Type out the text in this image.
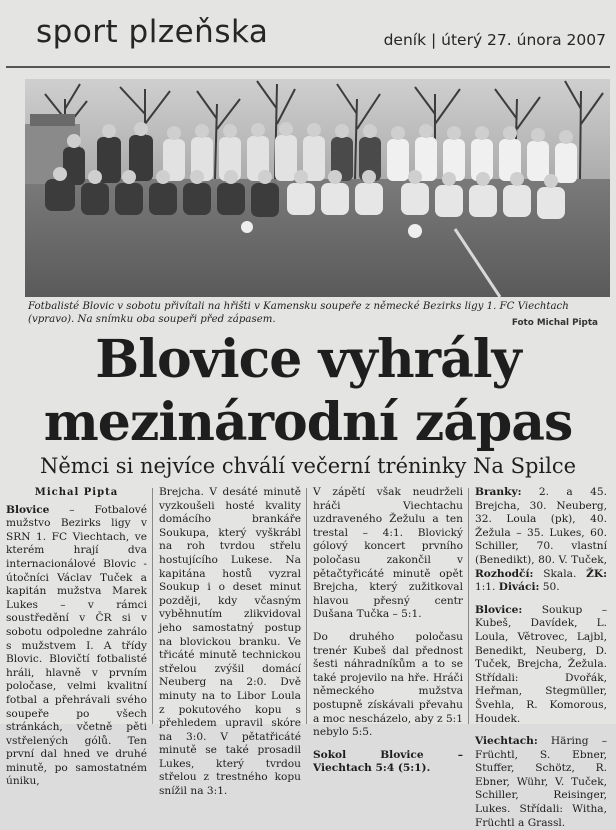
sport plzeňska	deník | úterý 27. února 2007
Fotbalisté Blovic v sobotu přivítali na hřišti v Kamensku soupeře z německé Bezirks ligy 1. FC Viechtach (vpravo). Na snímku oba soupeři před zápasem.	Foto Michal Pipta
Blovice vyhrály
mezinárodní zápas
Němci si nejvíce chválí večerní tréninky Na Spilce
Michal Pipta

Blovice – Fotbalové mužstvo Bezirks ligy v SRN 1. FC Viechtach, ve kterém hrají dva internacionálové Blovic - útočníci Václav Tuček a kapitán mužstva Marek Lukes – v rámci soustředění v ČR si v sobotu odpoledne zahrálo s mužstvem I. A třídy Blovic. Blovičtí fotbalisté hráli, hlavně v prvním poločase, velmi kvalitní fotbal a přehrávali svého soupeře po všech stránkách, včetně pěti vstřelených gólů. Ten první dal hned ve druhé minutě, po samostatném úniku,

Brejcha. V desáté minutě vyzkoušeli hosté kvality domácího brankáře Soukupa, který vyškrábl na roh tvrdou střelu hostujícího Lukese. Na kapitána hostů vyzral Soukup i o deset minut později, kdy včasným vyběhnutím zlikvidoval jeho samostatný postup na blovickou branku. Ve třicáté minutě technickou střelou zvýšil domácí Neuberg na 2:0. Dvě minuty na to Libor Loula z pokutového kopu s přehledem upravil skóre na 3:0. V pětatřicáté minutě se také prosadil Lukes, který tvrdou střelou z trestného kopu snížil na 3:1.

V zápětí však neudrželi hráči Viechtachu uzdraveného Žežulu a ten trestal – 4:1. Blovický gólový koncert prvního poločasu zakončil v pětačtyřicáté minutě opět Brejcha, který zužitkoval hlavou přesný centr Dušana Tučka – 5:1.

Do druhého poločasu trenér Kubeš dal přednost šesti náhradníkům a to se také projevilo na hře. Hráči německého mužstva postupně získávali převahu a moc nescházelo, aby z 5:1 nebylo 5:5.

Sokol Blovice – Viechtach 5:4 (5:1).

Branky: 2. a 45. Brejcha, 30. Neuberg, 32. Loula (pk), 40. Žežula – 35. Lukes, 60. Schiller, 70. vlastní (Benedikt), 80. V. Tuček, Rozhodčí: Skala. ŽK: 1:1. Diváci: 50.

Blovice: Soukup – Kubeš, Davídek, L. Loula, Větrovec, Lajbl, Benedikt, Neuberg, D. Tuček, Brejcha, Žežula. Střídali: Dvořák, Heřman, Stegmüller, Švehla, R. Komorous, Houdek.

Viechtach: Häring – Früchtl, S. Ebner, Stuffer, Schötz, R. Ebner, Wühr, V. Tuček, Schiller, Reisinger, Lukes. Střídali: Witha, Früchtl a Grassl.
